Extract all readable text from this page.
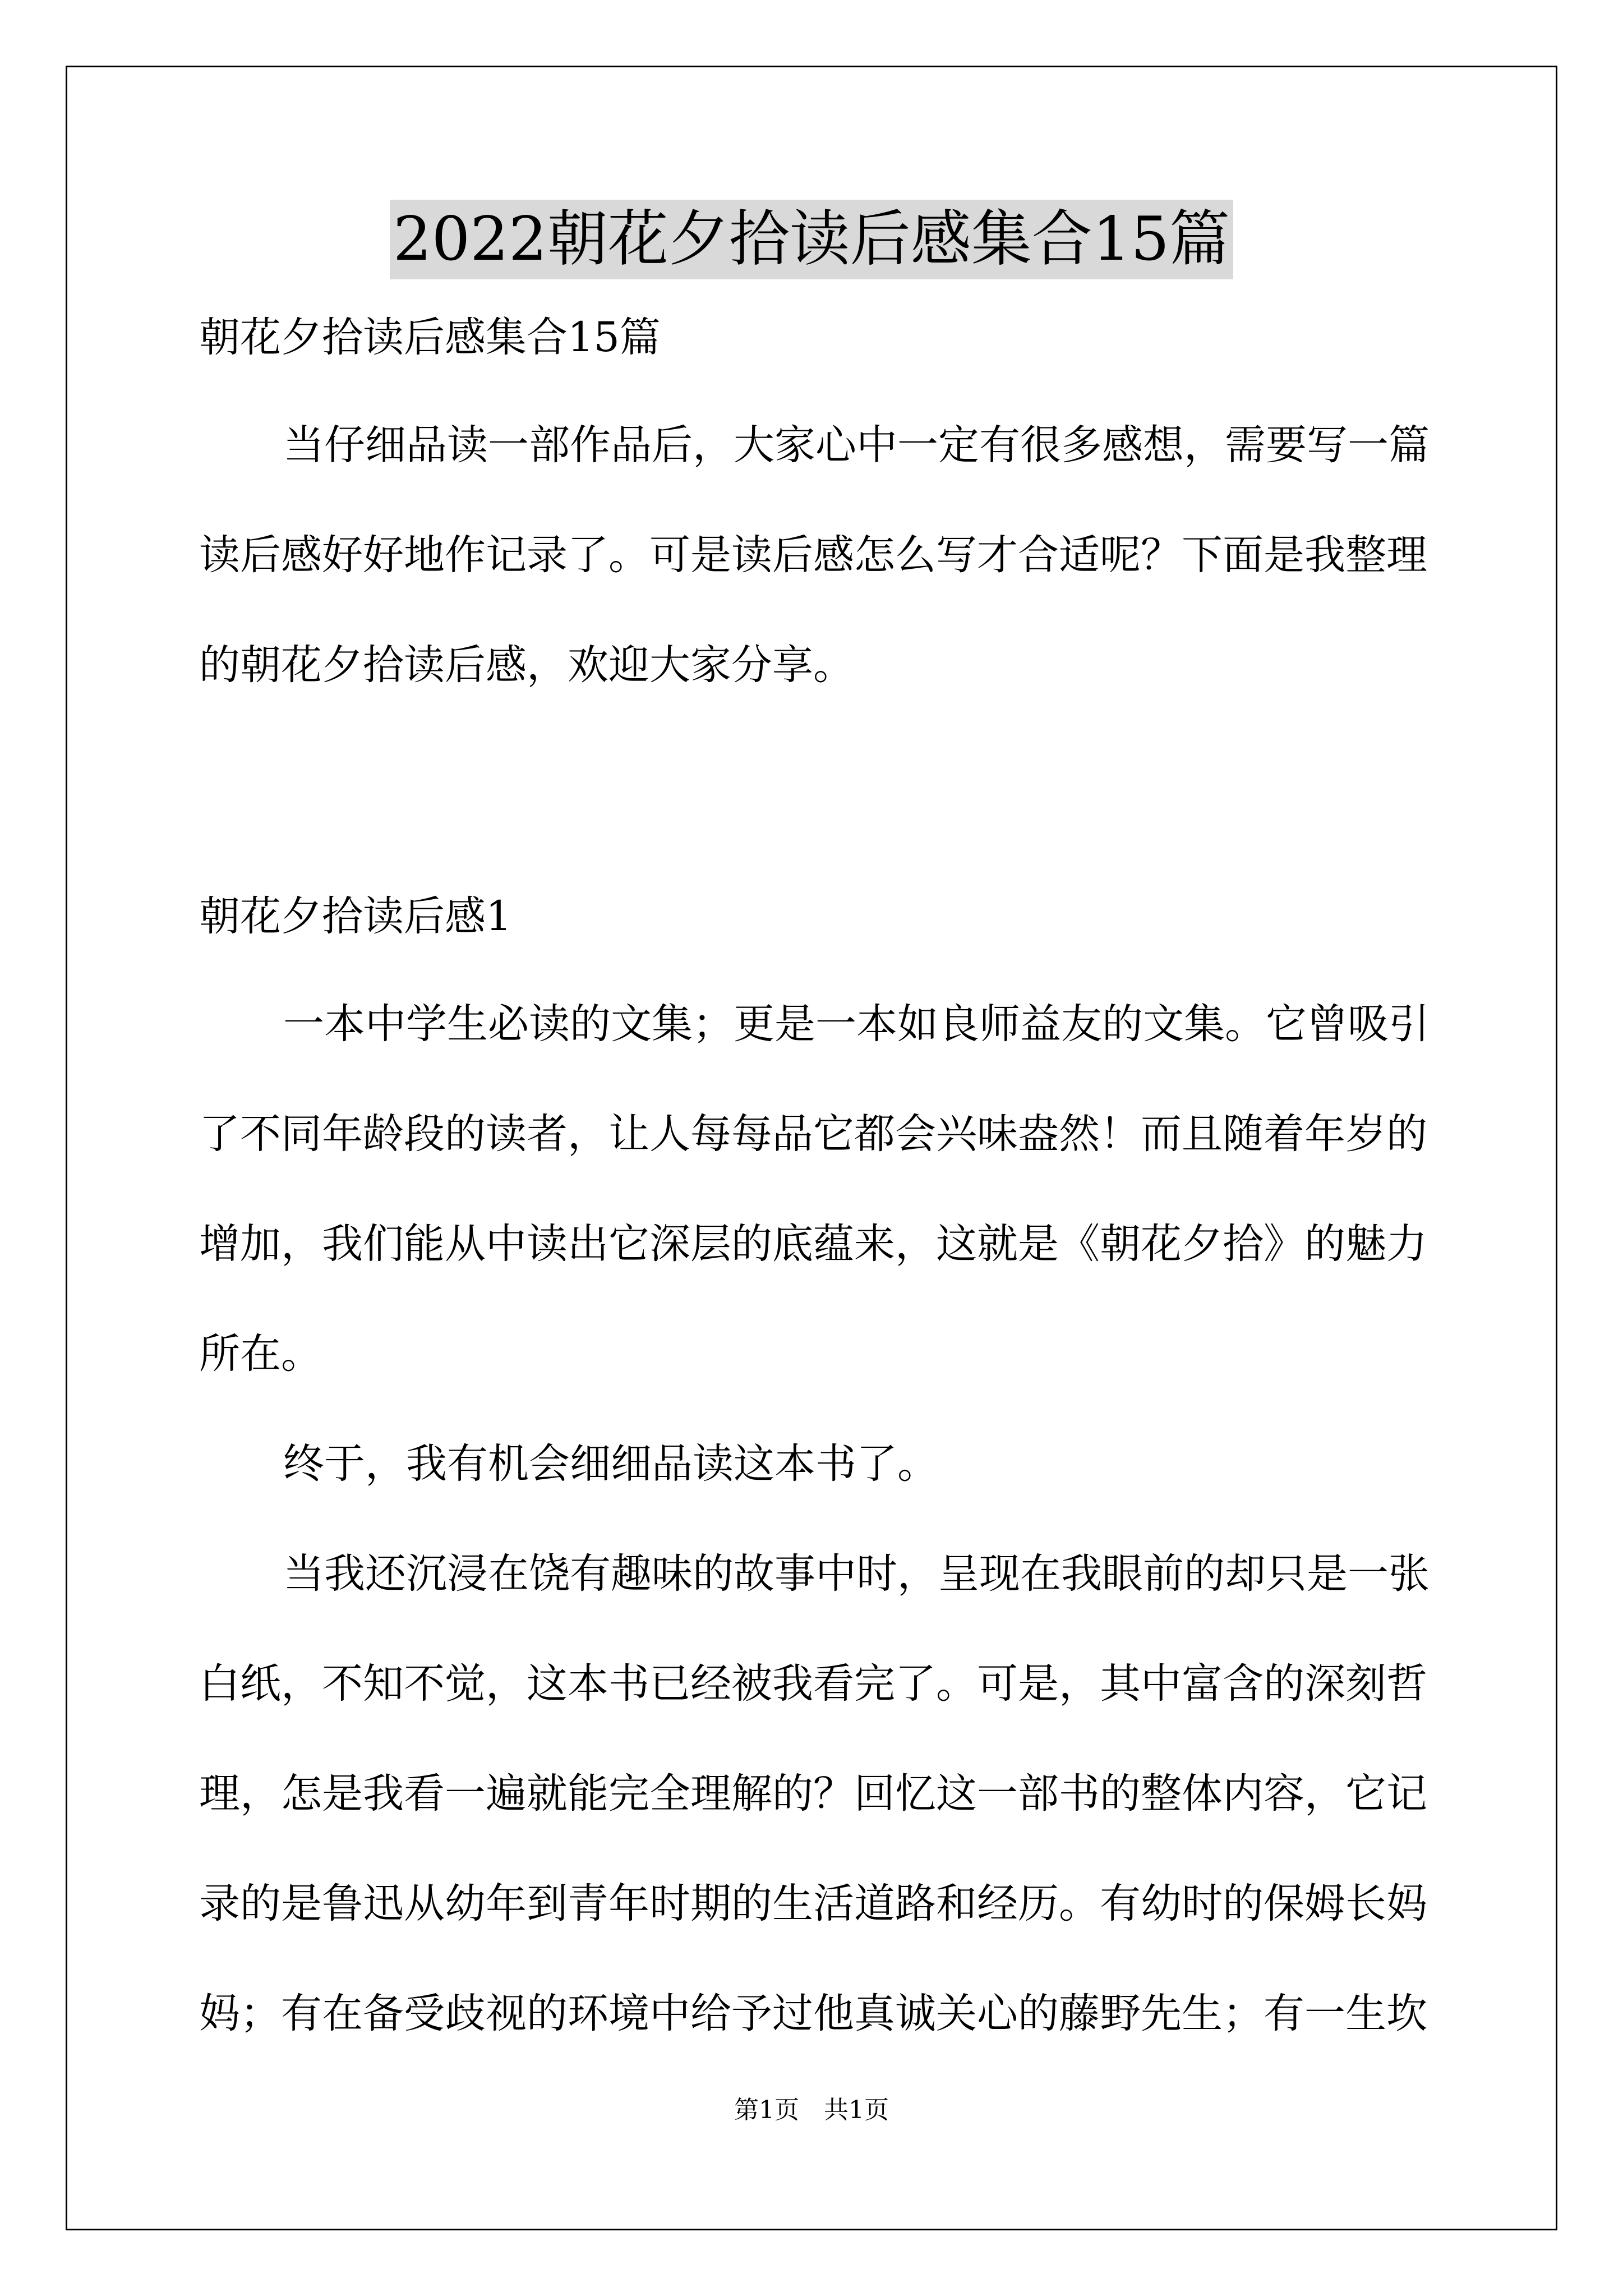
2022朝花夕拾读后感集合15篇
朝花夕拾读后感集合15篇

当仔细品读一部作品后，大家心中一定有很多感想，需要写一篇读后感好好地作记录了。可是读后感怎么写才合适呢？下面是我整理的朝花夕拾读后感，欢迎大家分享。

朝花夕拾读后感1

一本中学生必读的文集；更是一本如良师益友的文集。它曾吸引了不同年龄段的读者，让人每每品它都会兴味盎然！而且随着年岁的增加，我们能从中读出它深层的底蕴来，这就是《朝花夕拾》的魅力所在。

终于，我有机会细细品读这本书了。

当我还沉浸在饶有趣味的故事中时，呈现在我眼前的却只是一张白纸，不知不觉，这本书已经被我看完了。可是，其中富含的深刻哲理，怎是我看一遍就能完全理解的？回忆这一部书的整体内容，它记录的是鲁迅从幼年到青年时期的生活道路和经历。有幼时的保姆长妈妈；有在备受歧视的环境中给予过他真诚关心的藤野先生；有一生坎

第1页　共1页
